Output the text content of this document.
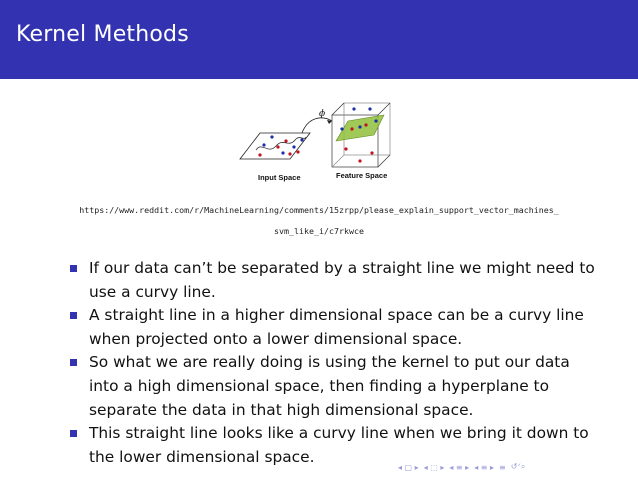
Kernel Methods
ϕ
Input Space	Feature Space
https://www.reddit.com/r/MachineLearning/comments/15zrpp/please_explain_support_vector_machines_
svm_like_i/c7rkwce
If our data can’t be separated by a straight line we might need to use a curvy line.
A straight line in a higher dimensional space can be a curvy line when projected onto a lower dimensional space.
So what we are really doing is using the kernel to put our data into a high dimensional space, then finding a hyperplane to separate the data in that high dimensional space.
This straight line looks like a curvy line when we bring it down to the lower dimensional space.
◂ ▢ ▸ ◂ ⬚ ▸ ◂ ≡ ▸ ◂ ≡ ▸ ≡ ↺ᐟ⌕
